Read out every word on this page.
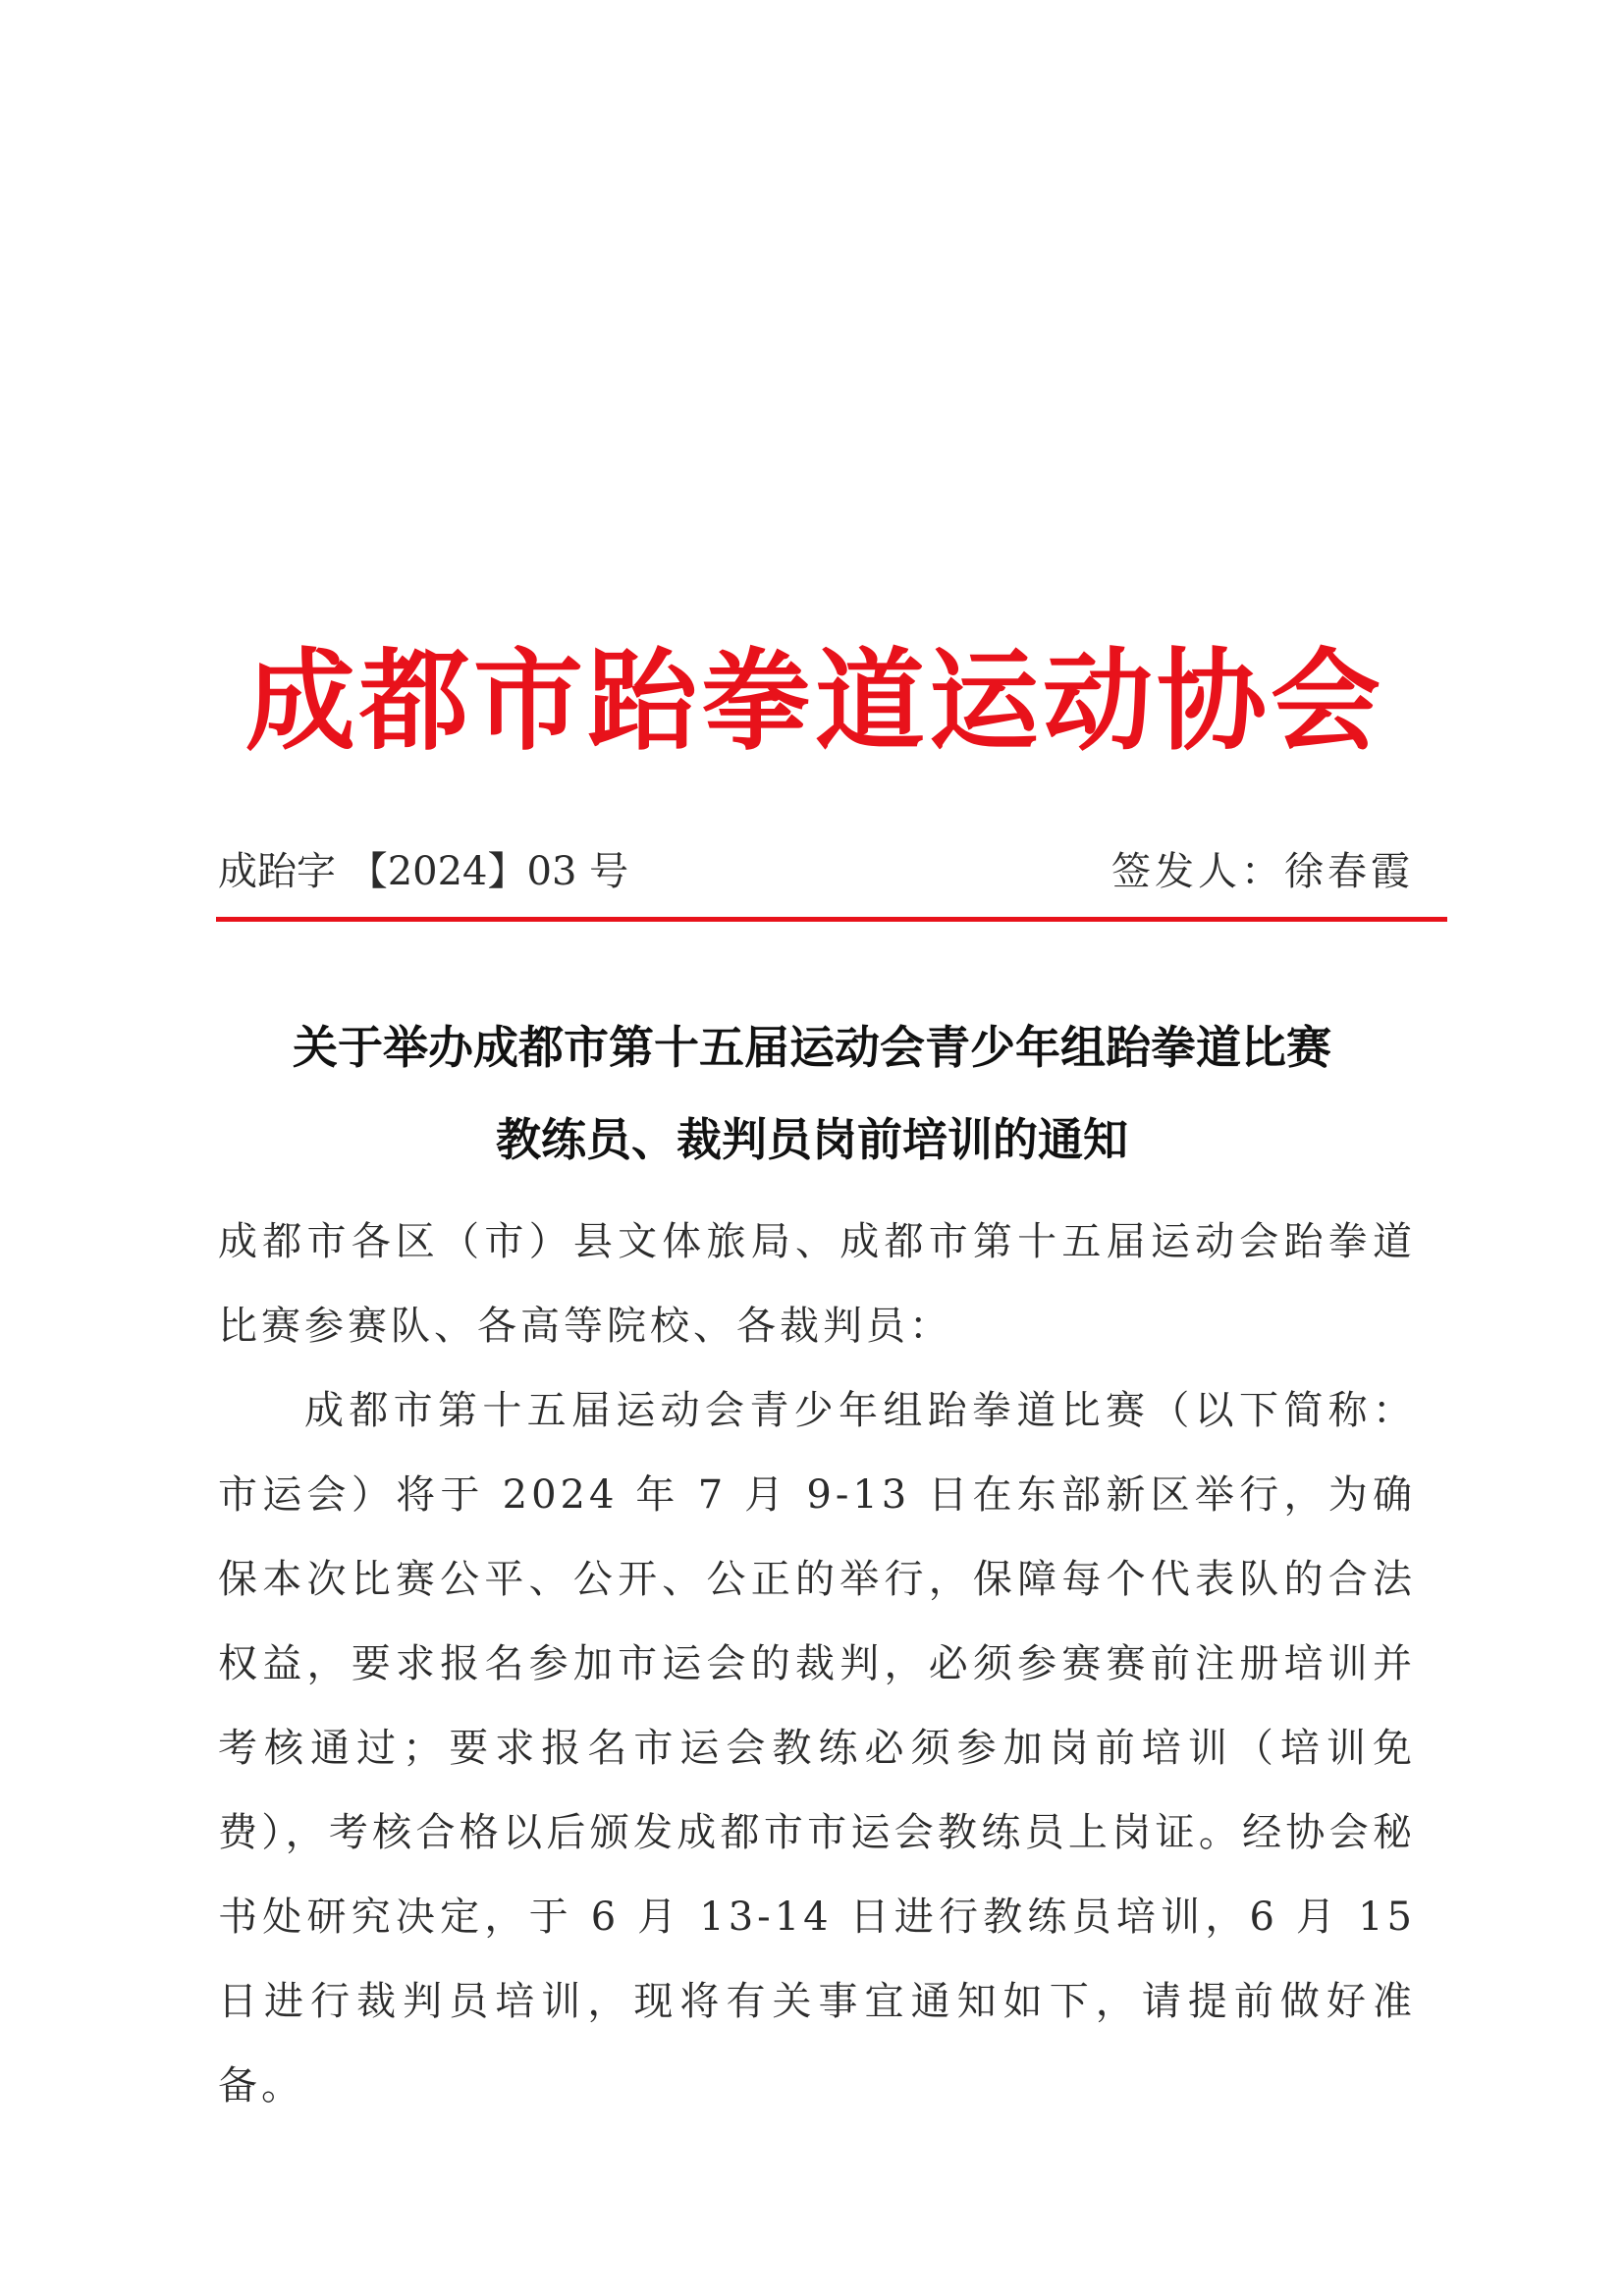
成都市跆拳道运动协会
成跆字 【2024】03 号	签发人：徐春霞
关于举办成都市第十五届运动会青少年组跆拳道比赛
教练员、裁判员岗前培训的通知

成都市各区（市）县文体旅局、成都市第十五届运动会跆拳道比赛参赛队、各高等院校、各裁判员：

成都市第十五届运动会青少年组跆拳道比赛（以下简称：市运会）将于 2024 年 7 月 9-13 日在东部新区举行，为确保本次比赛公平、公开、公正的举行，保障每个代表队的合法权益，要求报名参加市运会的裁判，必须参赛赛前注册培训并考核通过；要求报名市运会教练必须参加岗前培训（培训免费），考核合格以后颁发成都市市运会教练员上岗证。经协会秘书处研究决定，于 6 月 13-14 日进行教练员培训，6 月 15 日进行裁判员培训，现将有关事宜通知如下，请提前做好准备。
